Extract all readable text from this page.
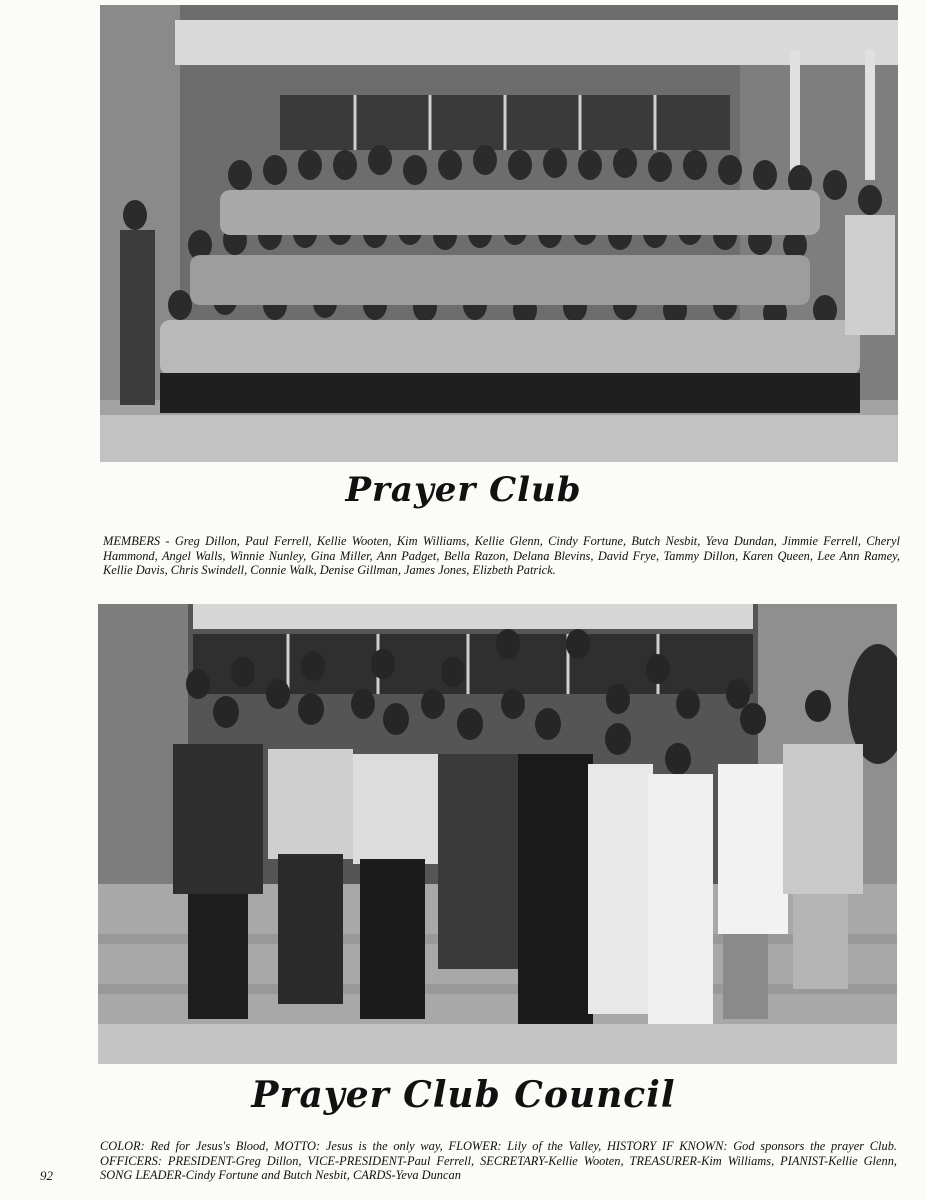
Prayer Club
MEMBERS - Greg Dillon, Paul Ferrell, Kellie Wooten, Kim Williams, Kellie Glenn, Cindy Fortune, Butch Nesbit, Yeva Dundan, Jimmie Ferrell, Cheryl Hammond, Angel Walls, Winnie Nunley, Gina Miller, Ann Padget, Bella Razon, Delana Blevins, David Frye, Tammy Dillon, Karen Queen, Lee Ann Ramey, Kellie Davis, Chris Swindell, Connie Walk, Denise Gillman, James Jones, Elizbeth Patrick.
Prayer Club Council
COLOR: Red for Jesus's Blood, MOTTO: Jesus is the only way, FLOWER: Lily of the Valley, HISTORY IF KNOWN: God sponsors the prayer Club. OFFICERS: PRESIDENT-Greg Dillon, VICE-PRESIDENT-Paul Ferrell, SECRETARY-Kellie Wooten, TREASURER-Kim Williams, PIANIST-Kellie Glenn, SONG LEADER-Cindy Fortune and Butch Nesbit, CARDS-Yeva Duncan
92
